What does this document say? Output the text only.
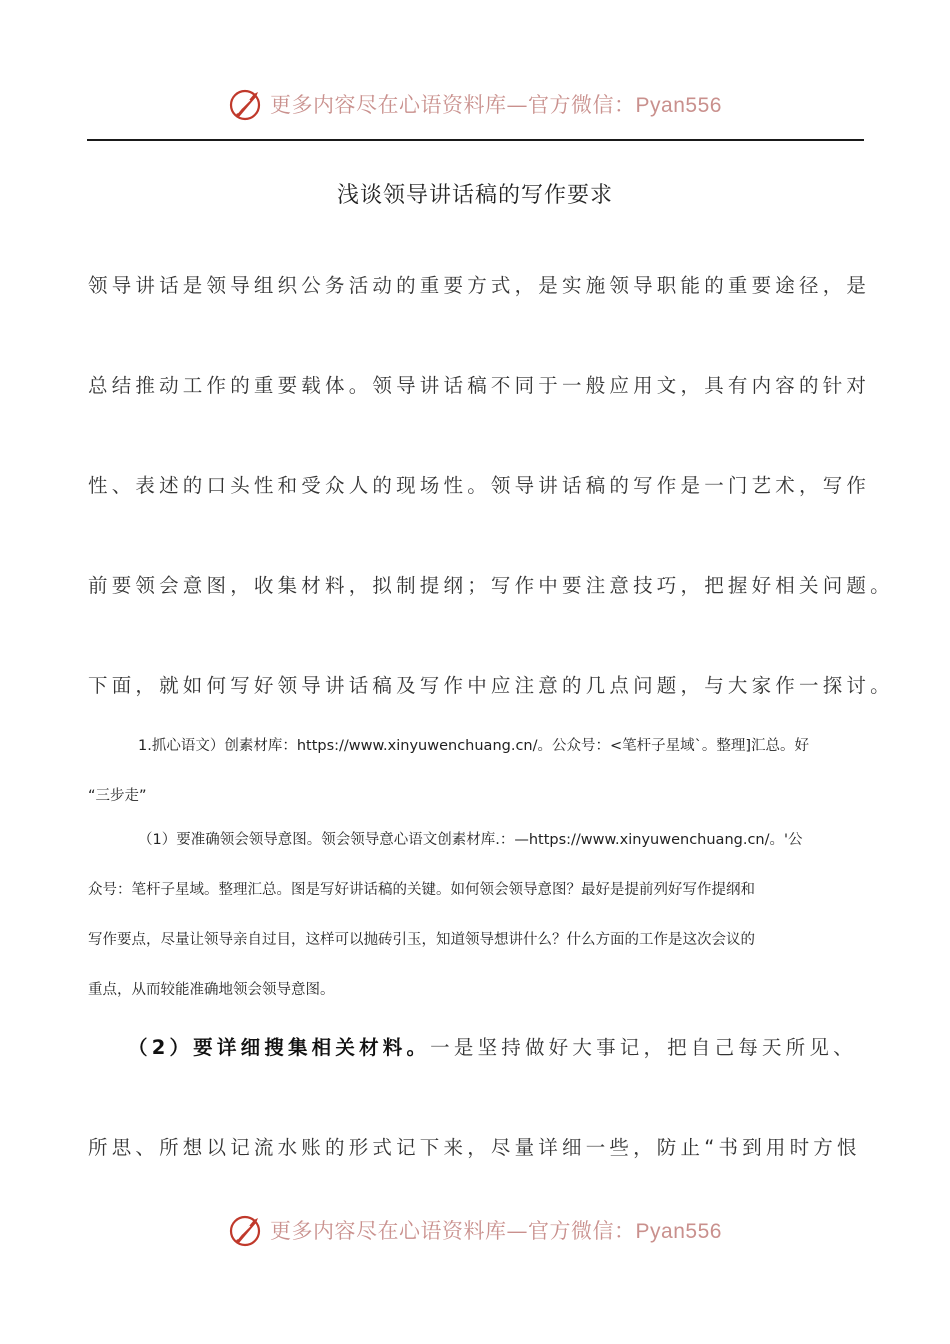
更多内容尽在心语资料库—官方微信：Pyan556
浅谈领导讲话稿的写作要求
领导讲话是领导组织公务活动的重要方式，是实施领导职能的重要途径，是
总结推动工作的重要载体。领导讲话稿不同于一般应用文，具有内容的针对
性、表述的口头性和受众人的现场性。领导讲话稿的写作是一门艺术，写作
前要领会意图，收集材料，拟制提纲；写作中要注意技巧，把握好相关问题。
下面，就如何写好领导讲话稿及写作中应注意的几点问题，与大家作一探讨。
1.抓心语文）创素材库：https://www.xinyuwenchuang.cn/。公众号：<笔杆子星域`。整理]汇总。好
“三步走”
（1）要准确领会领导意图。领会领导意心语文创素材库.：—https://www.xinyuwenchuang.cn/。'公
众号：笔杆子星域。整理汇总。图是写好讲话稿的关键。如何领会领导意图？最好是提前列好写作提纲和
写作要点，尽量让领导亲自过目，这样可以抛砖引玉，知道领导想讲什么？什么方面的工作是这次会议的
重点，从而较能准确地领会领导意图。
（2）要详细搜集相关材料。一是坚持做好大事记，把自己每天所见、
所思、所想以记流水账的形式记下来，尽量详细一些，防止“书到用时方恨
更多内容尽在心语资料库—官方微信：Pyan556
